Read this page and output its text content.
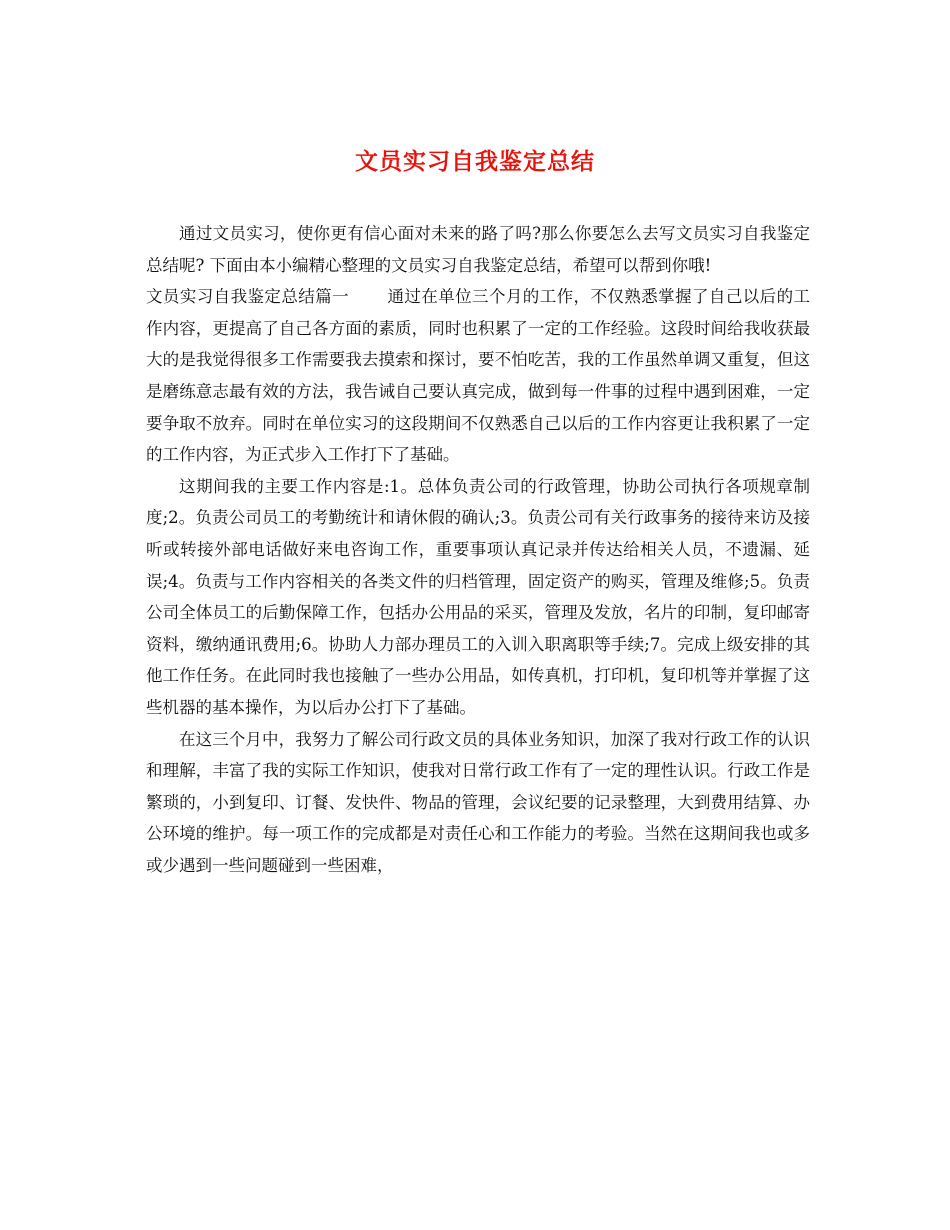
文员实习自我鉴定总结

通过文员实习，使你更有信心面对未来的路了吗?那么你要怎么去写文员实习自我鉴定总结呢? 下面由本小编精心整理的文员实习自我鉴定总结，希望可以帮到你哦!

文员实习自我鉴定总结篇一 通过在单位三个月的工作，不仅熟悉掌握了自己以后的工作内容，更提高了自己各方面的素质，同时也积累了一定的工作经验。这段时间给我收获最大的是我觉得很多工作需要我去摸索和探讨，要不怕吃苦，我的工作虽然单调又重复，但这是磨练意志最有效的方法，我告诫自己要认真完成，做到每一件事的过程中遇到困难，一定要争取不放弃。同时在单位实习的这段期间不仅熟悉自己以后的工作内容更让我积累了一定的工作内容，为正式步入工作打下了基础。

这期间我的主要工作内容是:1。总体负责公司的行政管理，协助公司执行各项规章制度;2。负责公司员工的考勤统计和请休假的确认;3。负责公司有关行政事务的接待来访及接听或转接外部电话做好来电咨询工作，重要事项认真记录并传达给相关人员，不遗漏、延误;4。负责与工作内容相关的各类文件的归档管理，固定资产的购买，管理及维修;5。负责公司全体员工的后勤保障工作，包括办公用品的采买，管理及发放，名片的印制，复印邮寄资料，缴纳通讯费用;6。协助人力部办理员工的入训入职离职等手续;7。完成上级安排的其他工作任务。在此同时我也接触了一些办公用品，如传真机，打印机，复印机等并掌握了这些机器的基本操作，为以后办公打下了基础。

在这三个月中，我努力了解公司行政文员的具体业务知识，加深了我对行政工作的认识和理解，丰富了我的实际工作知识，使我对日常行政工作有了一定的理性认识。行政工作是繁琐的，小到复印、订餐、发快件、物品的管理，会议纪要的记录整理，大到费用结算、办公环境的维护。每一项工作的完成都是对责任心和工作能力的考验。当然在这期间我也或多或少遇到一些问题碰到一些困难，
